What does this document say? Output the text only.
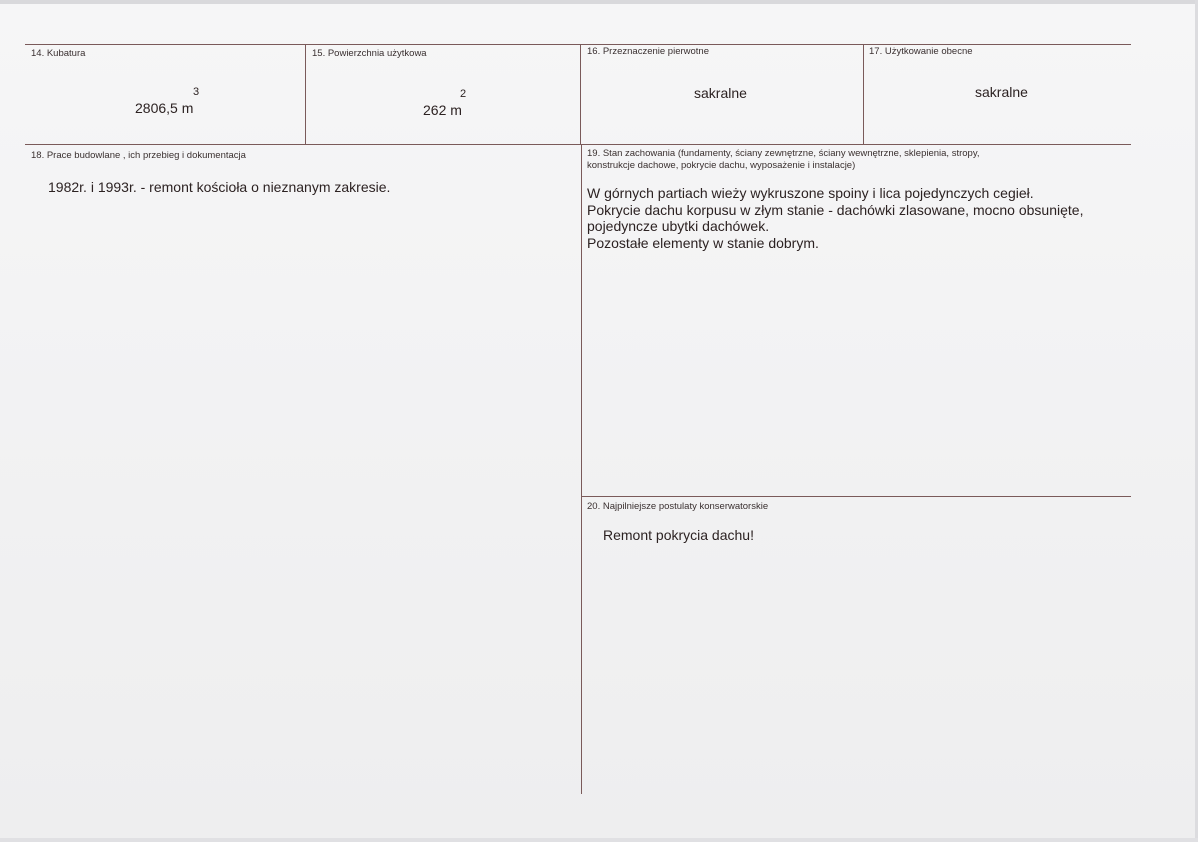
14. Kubatura
2806,5 m
3
15. Powierzchnia użytkowa
262 m
2
16. Przeznaczenie pierwotne
sakralne
17. Użytkowanie obecne
sakralne
18. Prace budowlane , ich przebieg i dokumentacja
1982r. i 1993r. - remont kościoła o nieznanym zakresie.
19. Stan zachowania (fundamenty, ściany zewnętrzne, ściany wewnętrzne, sklepienia, stropy,
konstrukcje dachowe, pokrycie dachu, wyposażenie i instalacje)
W górnych partiach wieży wykruszone spoiny i lica pojedynczych cegieł.
Pokrycie dachu korpusu w złym stanie - dachówki zlasowane, mocno obsunięte,
pojedyncze ubytki dachówek.
Pozostałe elementy w stanie dobrym.
20. Najpilniejsze postulaty konserwatorskie
Remont pokrycia dachu!
